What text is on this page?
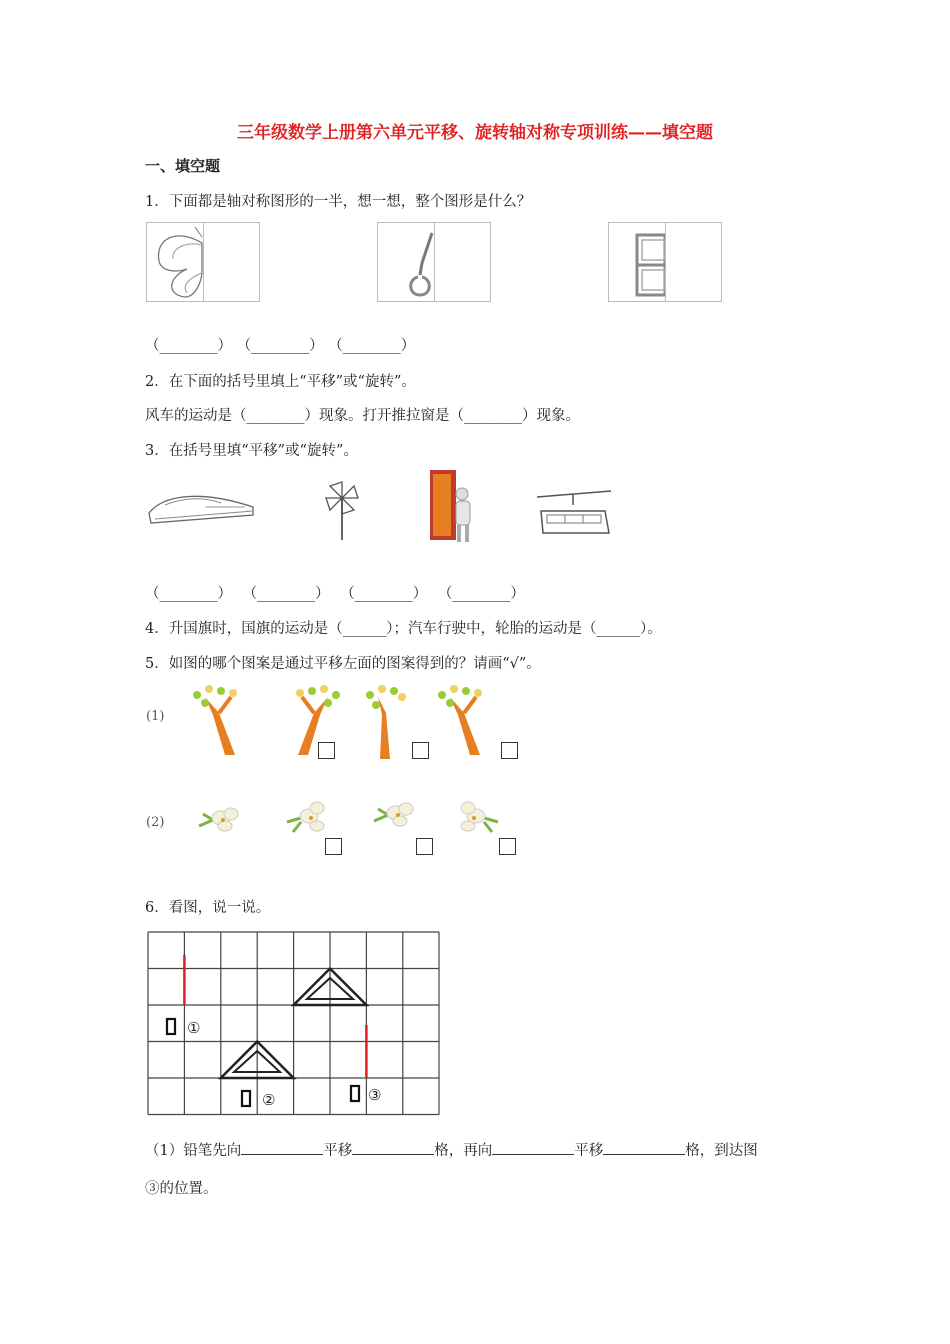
三年级数学上册第六单元平移、旋转轴对称专项训练——填空题
一、填空题
1．下面都是轴对称图形的一半，想一想，整个图形是什么？
（________） （________） （________）
2．在下面的括号里填上“平移”或“旋转”。
风车的运动是（________）现象。打开推拉窗是（________）现象。
3．在括号里填“平移”或“旋转”。
（________） （________） （________） （________）
4．升国旗时，国旗的运动是（______）；汽车行驶中，轮胎的运动是（______）。
5．如图的哪个图案是通过平移左面的图案得到的？请画“√”。
(1)
(2)
6．看图，说一说。
①
②	③
（1）铅笔先向	平移	格，再向	平移	格，到达图
③的位置。
